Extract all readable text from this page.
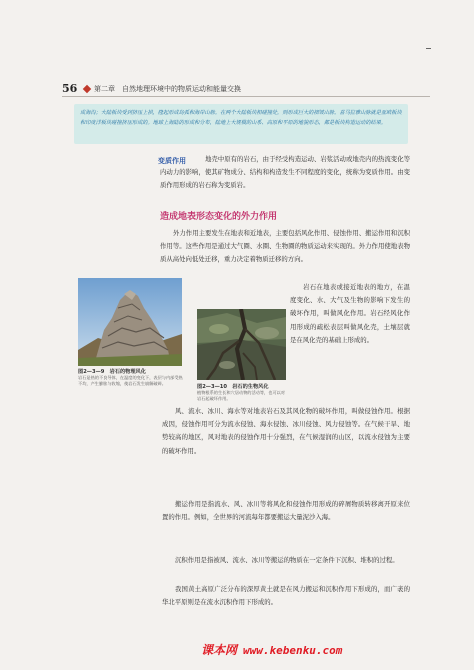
56 第二章　自然地理环境中的物质运动和能量交换

成海沟；大陆板块受到挤压上拱，隆起形成岛弧和海岸山脉。在两个大陆板块相碰撞处，则形成巨大的褶皱山脉。喜马拉雅山脉就是亚欧板块和印度洋板块碰撞挤压形成的。地球上海陆的形成和分布，陆地上大规模的山系、高原和平原的地貌形态，都是板块构造运动的结果。

地壳中原有的岩石，由于经受构造运动、岩浆活动或地壳内的热流变化等内动力的影响，使其矿物成分、结构和构造发生不同程度的变化，统称为变质作用。由变质作用形成的岩石称为变质岩。

变质作用
造成地表形态变化的外力作用

外力作用主要发生在地表和近地表，主要包括风化作用、侵蚀作用、搬运作用和沉积作用等。这些作用是通过大气圈、水圈、生物圈的物质运动来实现的。外力作用使地表物质从高处向低处迁移，重力决定着物质迁移的方向。

岩石在地表或接近地表的地方，在温度变化、水、大气及生物的影响下发生的破坏作用，叫做风化作用。岩石经风化作用形成的疏松表层叫做风化壳，土壤层就是在风化壳的基础上形成的。

图2—3—9　岩石的物理风化
岩石是热的不良导体，在温度的变化下，表层与内部受热不均，产生膨胀与收缩，使岩石发生崩解破碎。
图2—3—10　岩石的生物风化
植物根系的生长和穴居动物的活动等，也可以对岩石起破坏作用。

风、流水、冰川、海水等对地表岩石及其风化物的破坏作用，叫做侵蚀作用。根据成因，侵蚀作用可分为流水侵蚀、海水侵蚀、冰川侵蚀、风力侵蚀等。在气候干旱、地势较高的地区，风对地表的侵蚀作用十分强烈，在气候湿润的山区，以流水侵蚀为主要的破坏作用。

搬运作用是指流水、风、冰川等将风化和侵蚀作用形成的碎屑物质转移离开原来位置的作用。例如，全世界的河流每年都要搬运大量泥沙入海。

沉积作用是指被风、流水、冰川等搬运的物质在一定条件下沉积、堆积的过程。

我国黄土高原广泛分布的深厚黄土就是在风力搬运和沉积作用下形成的，而广袤的华北平原则是在流水沉积作用下形成的。

课本网 www.kebenku.com
